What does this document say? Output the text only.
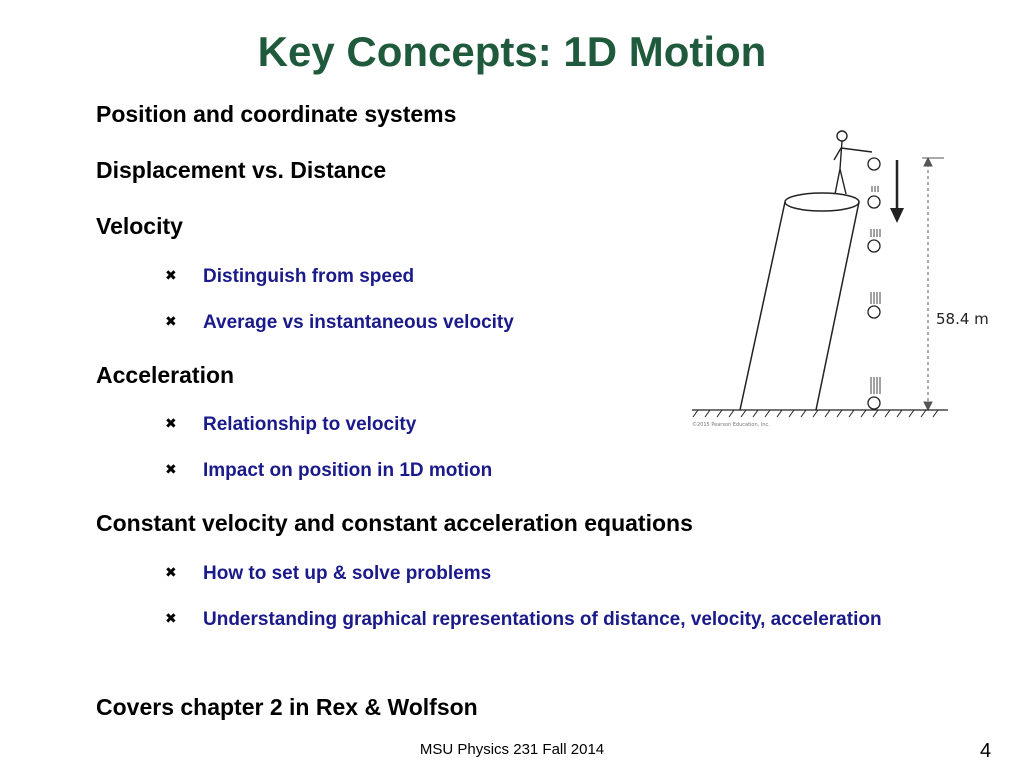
Key Concepts: 1D Motion
Position and coordinate systems
Displacement vs. Distance
Velocity
✖ Distinguish from speed
✖ Average vs instantaneous velocity
Acceleration
✖ Relationship to velocity
✖ Impact on position in 1D motion
Constant velocity and constant acceleration equations
✖ How to set up & solve problems
✖ Understanding graphical representations of distance, velocity, acceleration
Covers chapter 2 in Rex & Wolfson
58.4 m
©2015 Pearson Education, Inc.
MSU Physics 231 Fall 2014	4
